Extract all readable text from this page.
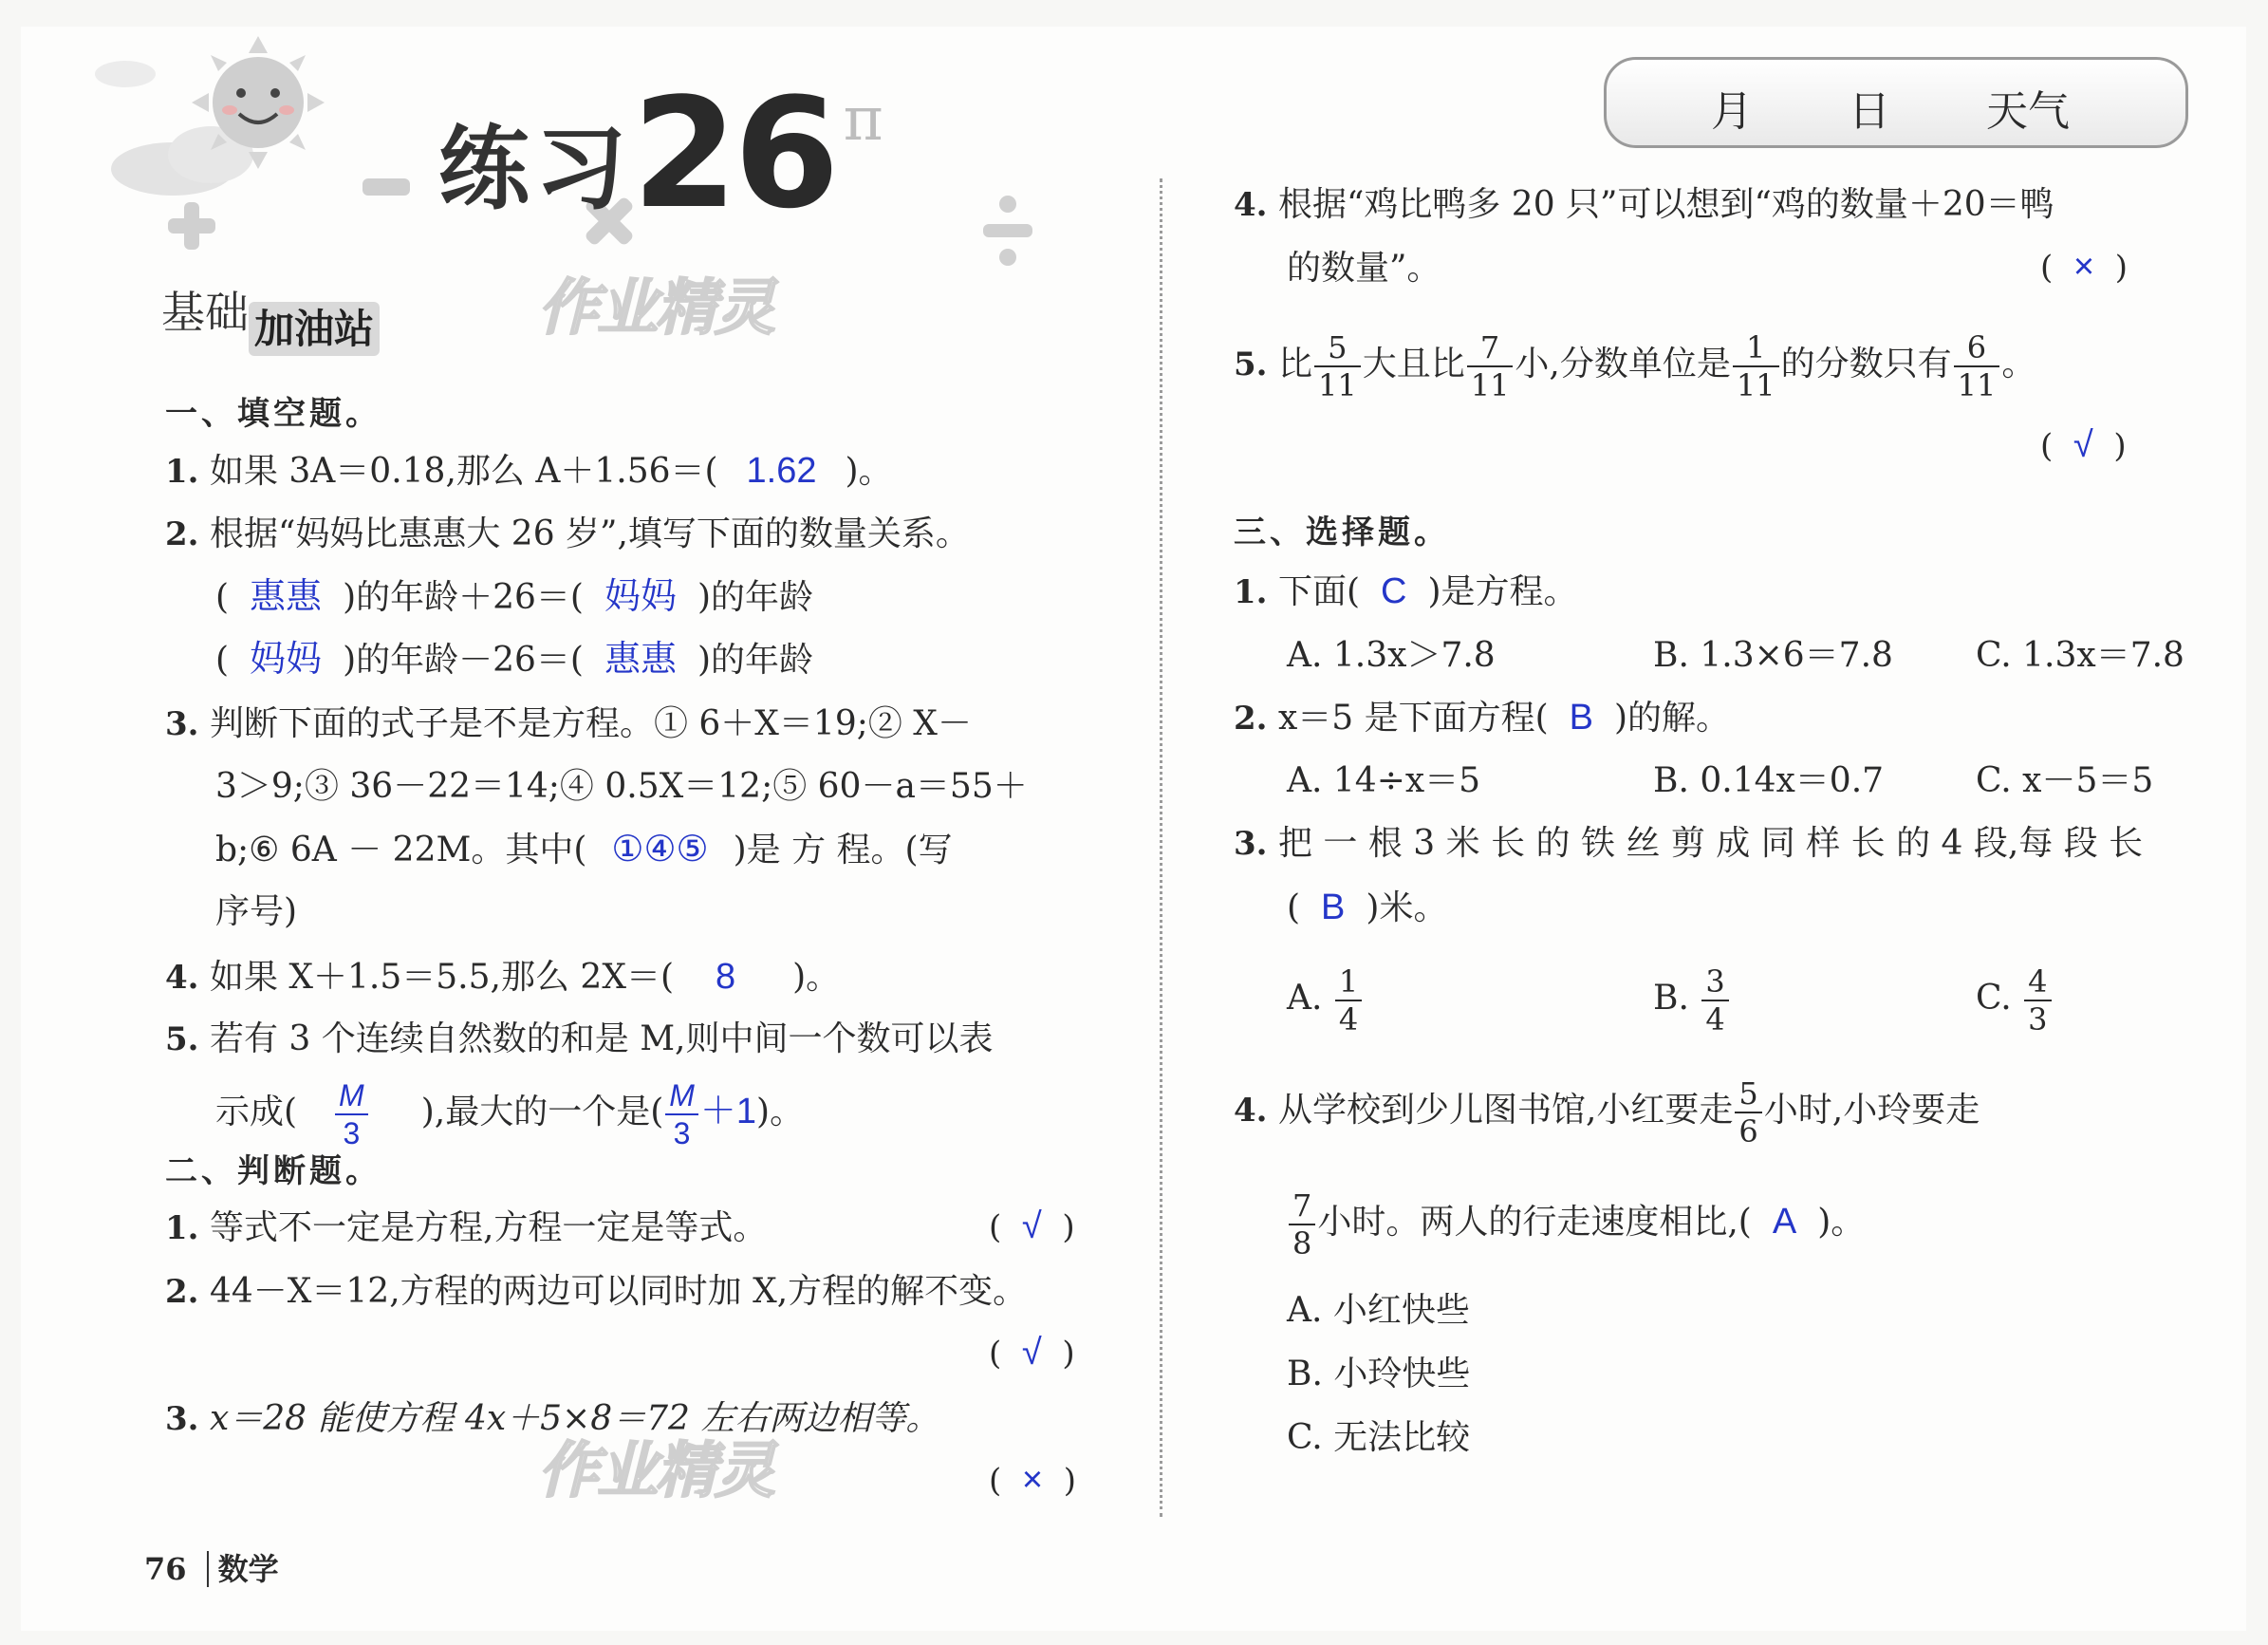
练习26 π	月 日 天气
基础 加油站	作业精灵
作业精灵
一、填空题。
1. 如果 3A＝0.18,那么 A＋1.56＝( 1.62 )。
2. 根据“妈妈比惠惠大 26 岁”,填写下面的数量关系。
( 惠惠 )的年龄＋26＝( 妈妈 )的年龄
( 妈妈 )的年龄－26＝( 惠惠 )的年龄
3. 判断下面的式子是不是方程。① 6＋X＝19;② X－
3＞9;③ 36－22＝14;④ 0.5X＝12;⑤ 60－a＝55＋
b;⑥ 6A － 22M。其中( ①④⑤ )是 方 程。(写
序号)
4. 如果 X＋1.5＝5.5,那么 2X＝( 8 )。
5. 若有 3 个连续自然数的和是 M,则中间一个数可以表
示成( $\frac{M}{3}$ ),最大的一个是( $\frac{M}{3} +1$)。
二、判断题。
1. 等式不一定是方程,方程一定是等式。	(  √  )
2. 44－X＝12,方程的两边可以同时加 X,方程的解不变。
(  √  )
3. x＝28 能使方程 4x＋5×8＝72 左右两边相等。
(  ×  )
76 数学
4. 根据“鸡比鸭多 20 只”可以想到“鸡的数量＋20＝鸭
的数量”。	(  ×  )
5. 比 $\frac{5}{11}$ 大且比 $\frac{7}{11}$ 小,分数单位是 $\frac{1}{11}$ 的分数只有 $\frac{6}{11}$ 。
(  √  )
三、选择题。
1. 下面( C )是方程。
A. 1.3x＞7.8	B. 1.3×6＝7.8 C. 1.3x＝7.8
2. x＝5 是下面方程( B )的解。
A. 14÷x＝5	B. 0.14x＝0.7	C. x－5＝5
3. 把 一 根 3 米 长 的 铁 丝 剪 成 同 样 长 的 4 段,每 段 长
( B )米。
A. $\frac{1}{4}$	B. $\frac{3}{4}$	C. $\frac{4}{3}$
4. 从学校到少儿图书馆,小红要走 $\frac{5}{6}$ 小时,小玲要走
$\frac{7}{8}$ 小时。两人的行走速度相比,( A )。
A. 小红快些
B. 小玲快些
C. 无法比较
